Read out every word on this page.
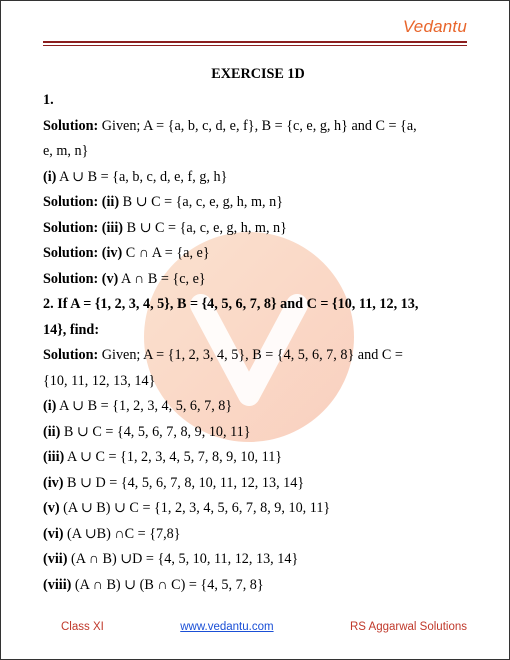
Vedantu
EXERCISE 1D
1.
Solution: Given; A = {a, b, c, d, e, f}, B = {c, e, g, h} and C = {a,
e, m, n}
(i) A ∪ B = {a, b, c, d, e, f, g, h}
Solution: (ii) B ∪ C = {a, c, e, g, h, m, n}
Solution: (iii) B ∪ C = {a, c, e, g, h, m, n}
Solution: (iv) C ∩ A = {a, e}
Solution: (v) A ∩ B = {c, e}
2. If A = {1, 2, 3, 4, 5}, B = {4, 5, 6, 7, 8} and C = {10, 11, 12, 13,
14}, find:
Solution: Given; A = {1, 2, 3, 4, 5}, B = {4, 5, 6, 7, 8} and C =
{10, 11, 12, 13, 14}
(i) A ∪ B = {1, 2, 3, 4, 5, 6, 7, 8}
(ii) B ∪ C = {4, 5, 6, 7, 8, 9, 10, 11}
(iii) A ∪ C = {1, 2, 3, 4, 5, 7, 8, 9, 10, 11}
(iv) B ∪ D = {4, 5, 6, 7, 8, 10, 11, 12, 13, 14}
(v) (A ∪ B) ∪ C = {1, 2, 3, 4, 5, 6, 7, 8, 9, 10, 11}
(vi) (A ∪B) ∩C = {7,8}
(vii) (A ∩ B) ∪D = {4, 5, 10, 11, 12, 13, 14}
(viii) (A ∩ B) ∪ (B ∩ C) = {4, 5, 7, 8}
Class XI	www.vedantu.com	RS Aggarwal Solutions
